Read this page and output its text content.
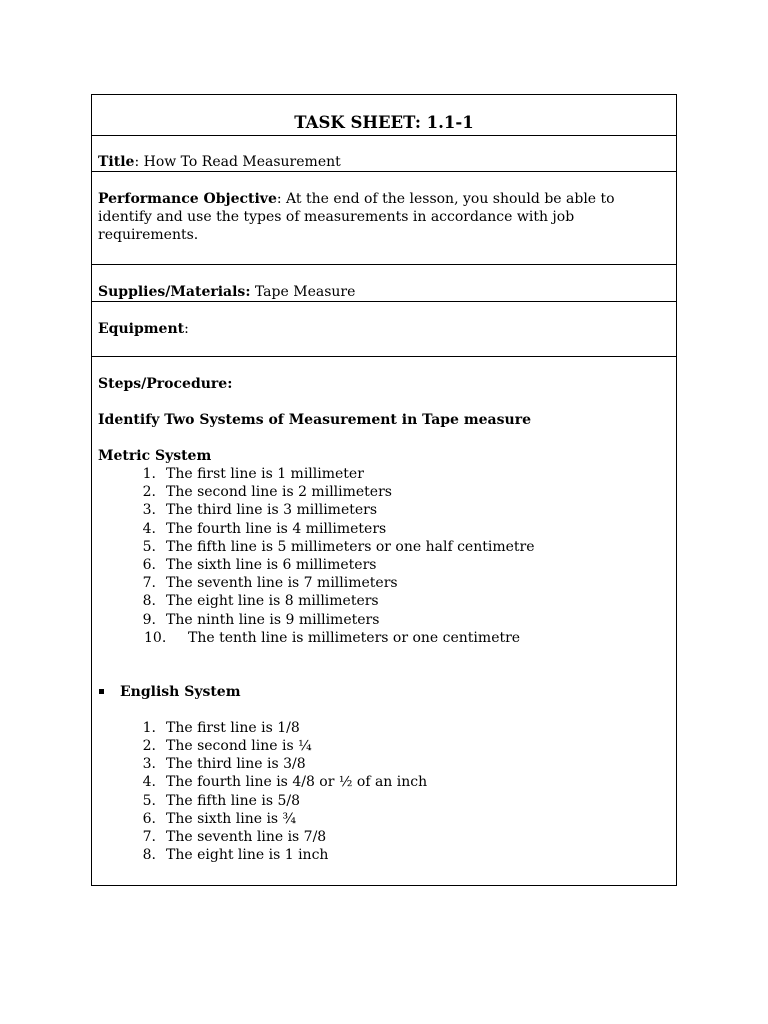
TASK SHEET: 1.1-1
Title: How To Read Measurement
Performance Objective: At the end of the lesson, you should be able to identify and use the types of measurements in accordance with job requirements.
Supplies/Materials: Tape Measure
Equipment:
Steps/Procedure:
Identify Two Systems of Measurement in Tape measure
Metric System
1. The first line is 1 millimeter
2. The second line is 2 millimeters
3. The third line is 3 millimeters
4. The fourth line is 4 millimeters
5. The fifth line is 5 millimeters or one half centimetre
6. The sixth line is 6 millimeters
7. The seventh line is 7 millimeters
8. The eight line is 8 millimeters
9. The ninth line is 9 millimeters
10. The tenth line is millimeters or one centimetre
English System
1. The first line is 1/8
2. The second line is ¼
3. The third line is 3/8
4. The fourth line is 4/8 or ½ of an inch
5. The fifth line is 5/8
6. The sixth line is ¾
7. The seventh line is 7/8
8. The eight line is 1 inch
